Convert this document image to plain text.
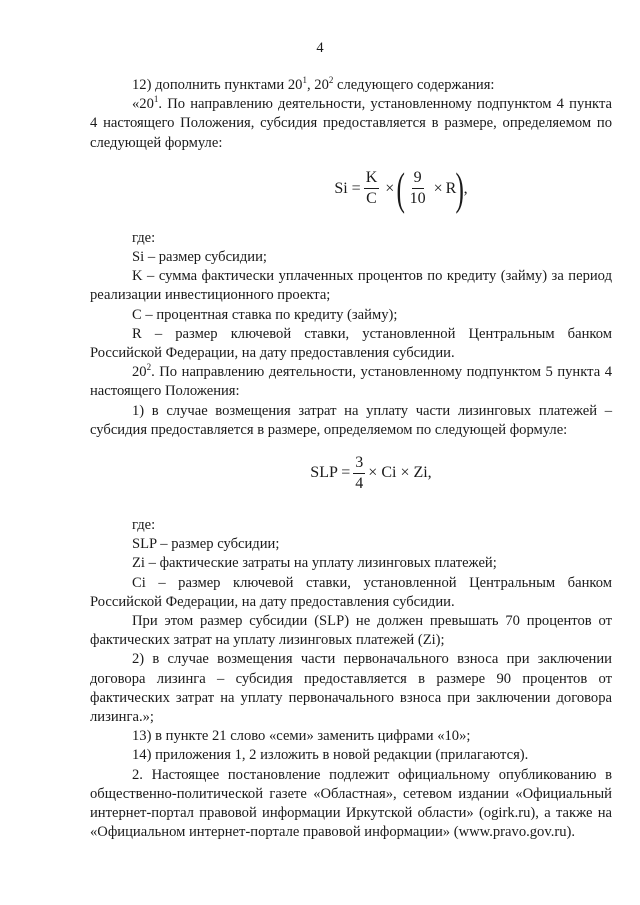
4

12) дополнить пунктами $20^1$, $20^2$ следующего содержания:

«$20^1$. По направлению деятельности, установленному подпунктом 4 пункта 4 настоящего Положения, субсидия предоставляется в размере, определяемом по следующей формуле:

$Si = \frac{K}{C}$ × ( $\frac{9}{10} \times R$ ) ,

где:

Si – размер субсидии;

K – сумма фактически уплаченных процентов по кредиту (займу) за период реализации инвестиционного проекта;

C – процентная ставка по кредиту (займу);

R – размер ключевой ставки, установленной Центральным банком Российской Федерации, на дату предоставления субсидии.

$20^2$. По направлению деятельности, установленному подпунктом 5 пункта 4 настоящего Положения:

1) в случае возмещения затрат на уплату части лизинговых платежей – субсидия предоставляется в размере, определяемом по следующей формуле:

SLP = $\frac{3}{4} \times Ci \times Zi$,

где:

SLP – размер субсидии;

Zi – фактические затраты на уплату лизинговых платежей;

Ci – размер ключевой ставки, установленной Центральным банком Российской Федерации, на дату предоставления субсидии.

При этом размер субсидии (SLP) не должен превышать 70 процентов от фактических затрат на уплату лизинговых платежей (Zi);

2) в случае возмещения части первоначального взноса при заключении договора лизинга – субсидия предоставляется в размере 90 процентов от фактических затрат на уплату первоначального взноса при заключении договора лизинга.»;

13) в пункте 21 слово «семи» заменить цифрами «10»;

14) приложения 1, 2 изложить в новой редакции (прилагаются).

2. Настоящее постановление подлежит официальному опубликованию в общественно-политической газете «Областная», сетевом издании «Официальный интернет-портал правовой информации Иркутской области» (ogirk.ru), а также на «Официальном интернет-портале правовой информации» (www.pravo.gov.ru).
